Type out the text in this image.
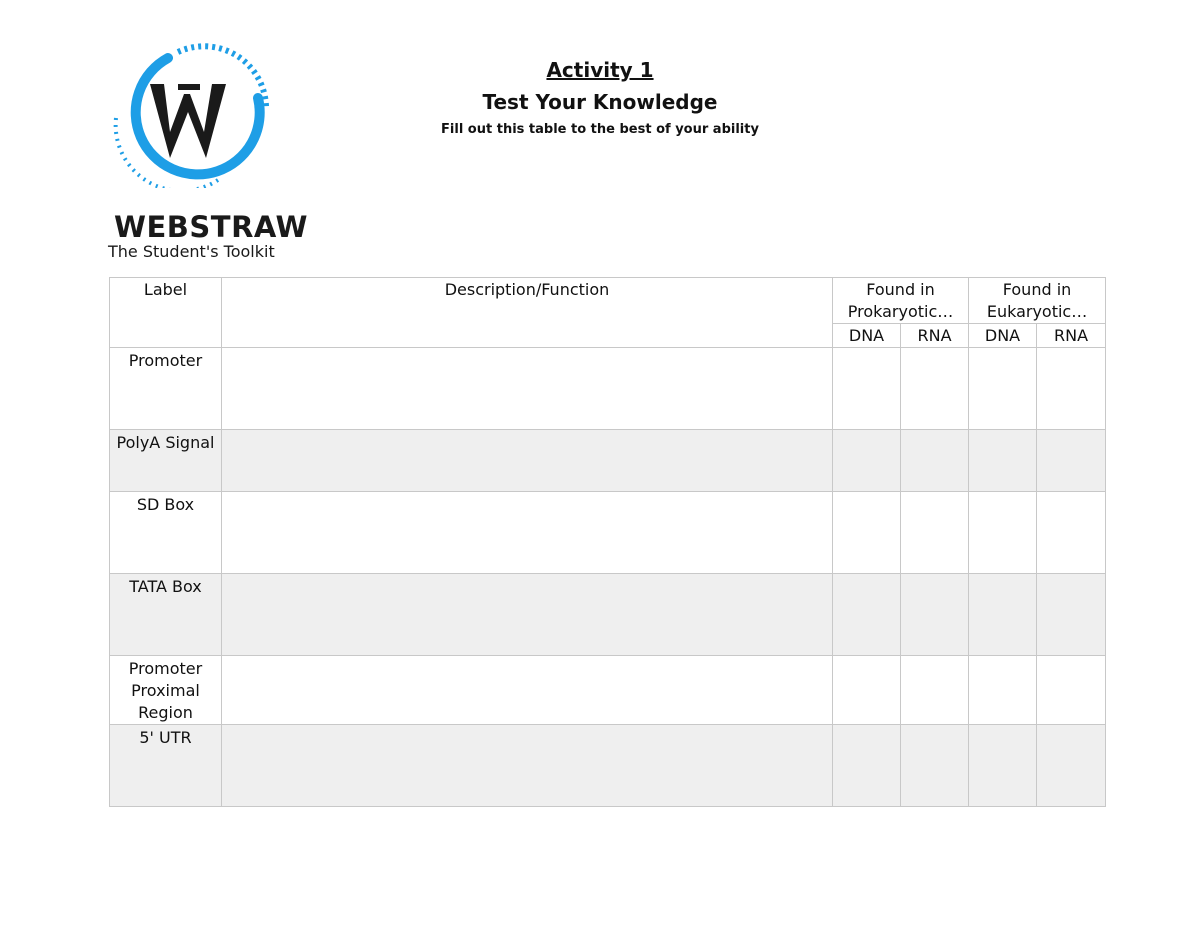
WEBSTRAW
The Student's Toolkit
Activity 1
Test Your Knowledge
Fill out this table to the best of your ability
Label	Description/Function	Found in Prokaryotic…		Found in Eukaryotic…	
		DNA	RNA	DNA	RNA
Promoter					
PolyA Signal					
SD Box					
TATA Box					
Promoter Proximal Region					
5' UTR					
